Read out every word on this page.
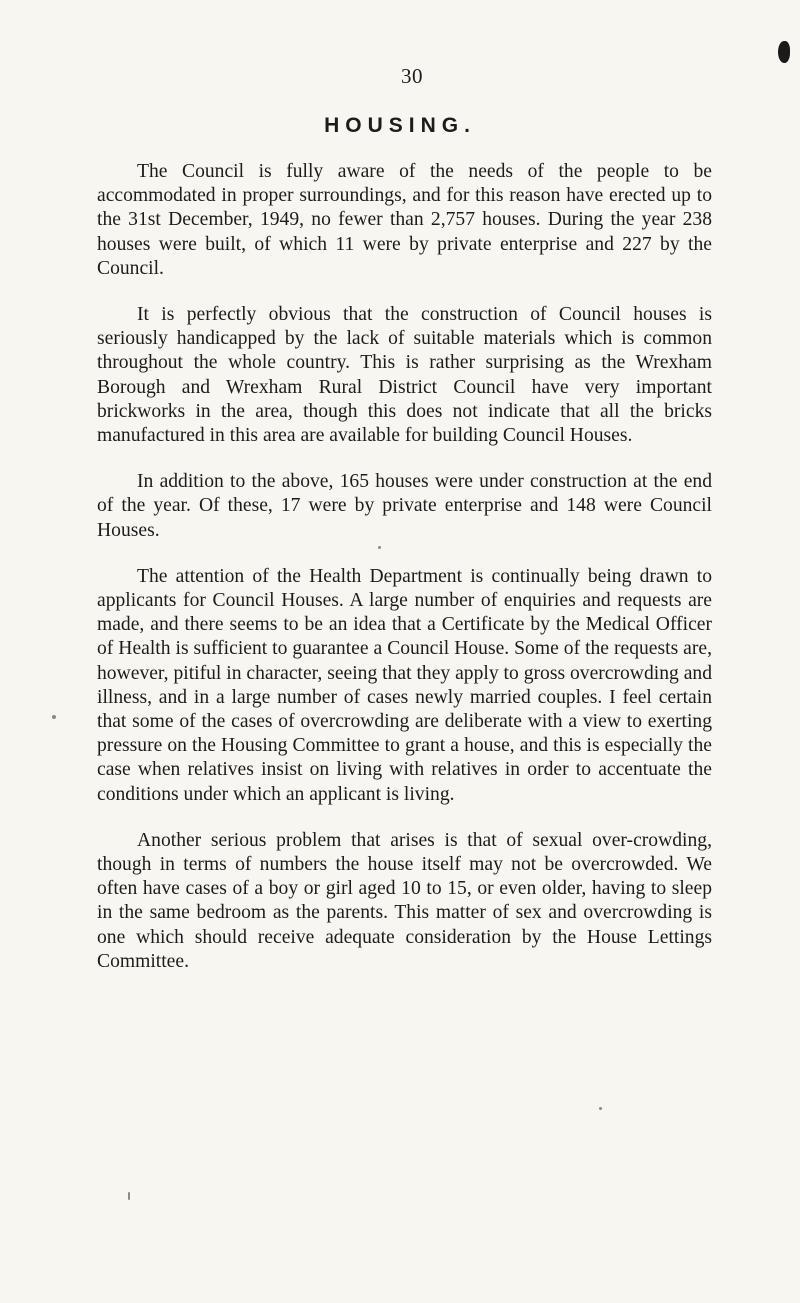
30
HOUSING.

The Council is fully aware of the needs of the people to be accommodated in proper surroundings, and for this reason have erected up to the 31st December, 1949, no fewer than 2,757 houses. During the year 238 houses were built, of which 11 were by private enterprise and 227 by the Council.

It is perfectly obvious that the construction of Council houses is seriously handicapped by the lack of suitable materials which is common throughout the whole country. This is rather surprising as the Wrexham Borough and Wrexham Rural District Council have very important brickworks in the area, though this does not indicate that all the bricks manufactured in this area are available for building Council Houses.

In addition to the above, 165 houses were under construction at the end of the year. Of these, 17 were by private enterprise and 148 were Council Houses.

The attention of the Health Department is continually being drawn to applicants for Council Houses. A large number of enquiries and requests are made, and there seems to be an idea that a Certificate by the Medical Officer of Health is sufficient to guarantee a Council House. Some of the requests are, however, pitiful in character, seeing that they apply to gross overcrowding and illness, and in a large number of cases newly married couples. I feel certain that some of the cases of overcrowding are deliberate with a view to exerting pressure on the Housing Committee to grant a house, and this is especially the case when relatives insist on living with relatives in order to accentuate the conditions under which an applicant is living.

Another serious problem that arises is that of sexual over-crowding, though in terms of numbers the house itself may not be overcrowded. We often have cases of a boy or girl aged 10 to 15, or even older, having to sleep in the same bedroom as the parents. This matter of sex and overcrowding is one which should receive adequate consideration by the House Lettings Committee.
